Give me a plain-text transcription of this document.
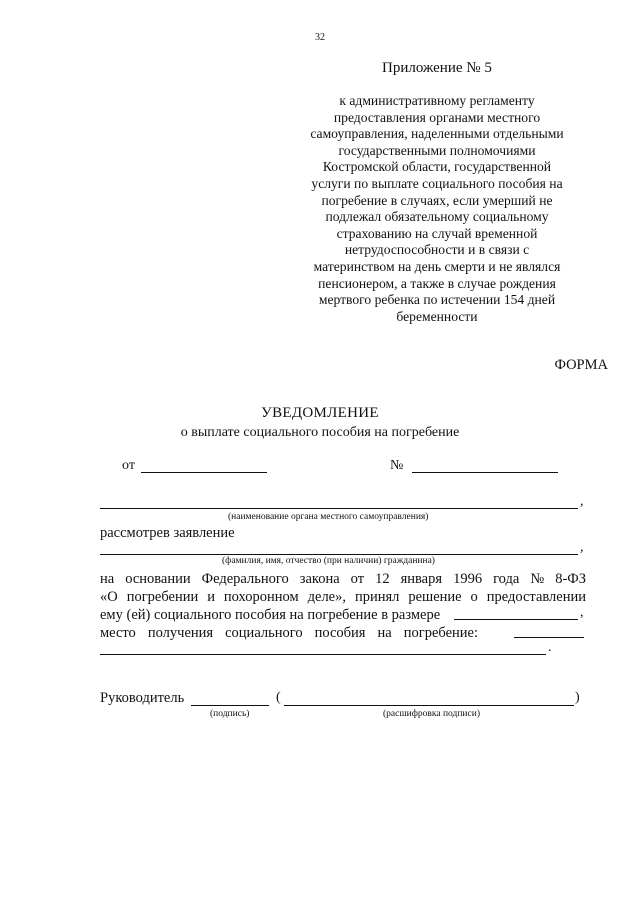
32
Приложение № 5
к административному регламенту
предоставления органами местного
самоуправления, наделенными отдельными
государственными полномочиями
Костромской области, государственной
услуги по выплате социального пособия на
погребение в случаях, если умерший не
подлежал обязательному социальному
страхованию на случай временной
нетрудоспособности и в связи с
материнством на день смерти и не являлся
пенсионером, а также в случае рождения
мертвого ребенка по истечении 154 дней
беременности
ФОРМА
УВЕДОМЛЕНИЕ
о выплате социального пособия на погребение
от	№
,
(наименование органа местного самоуправления)
рассмотрев заявление
,
(фамилия, имя, отчество (при наличии) гражданина)
на основании Федерального закона от 12 января 1996 года № 8-ФЗ
«О погребении и похоронном деле», принял решение о предоставлении
ему (ей) социального пособия на погребение в размере
место получения социального пособия на погребение:
,
.
Руководитель	(	)
(подпись)	(расшифровка подписи)
